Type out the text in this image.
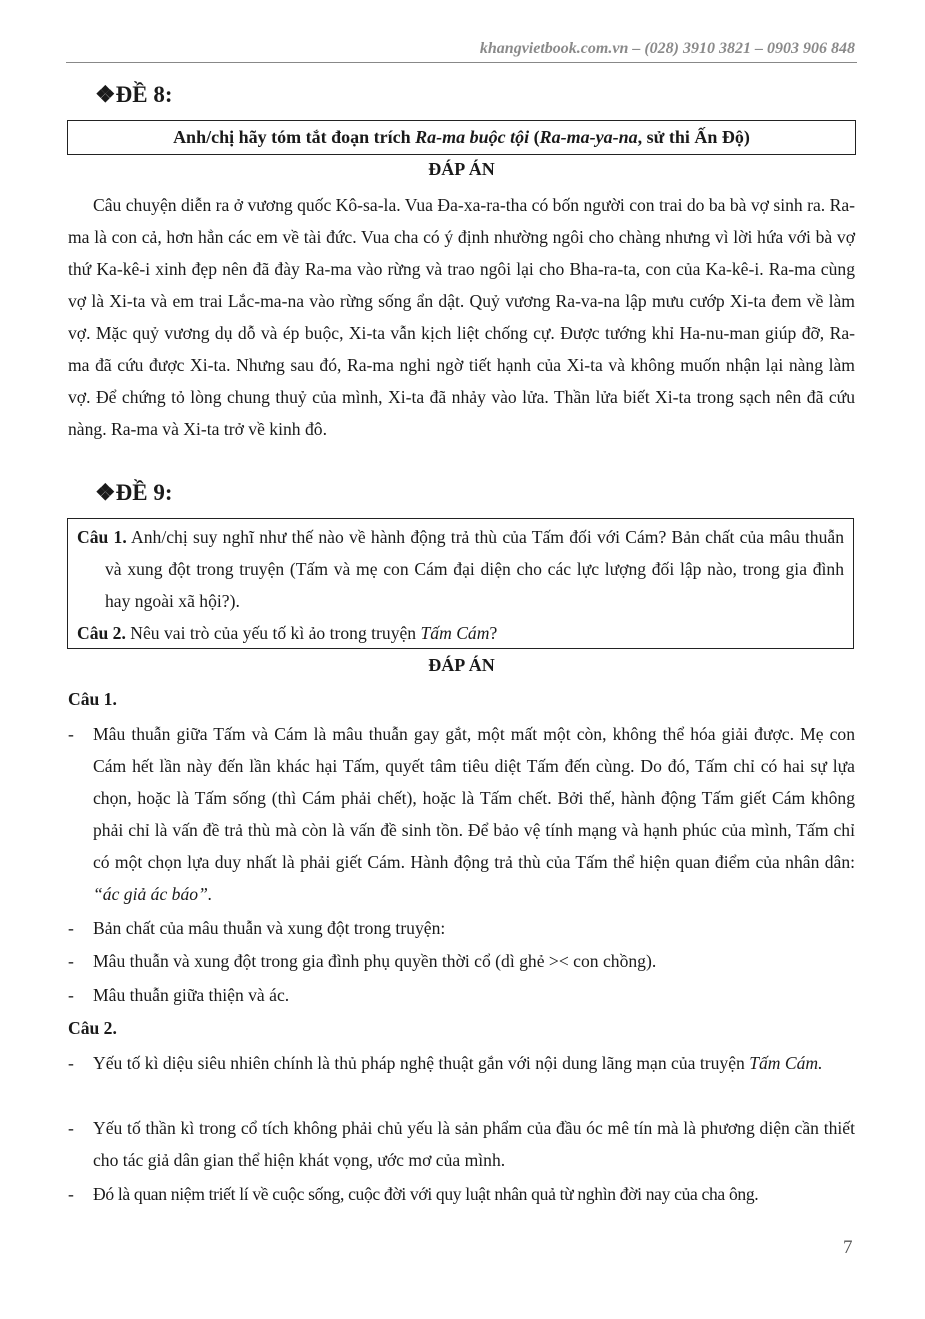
khangvietbook.com.vn – (028) 3910 3821 – 0903 906 848
❖ĐỀ 8:
Anh/chị hãy tóm tắt đoạn trích Ra-ma buộc tội (Ra-ma-ya-na, sử thi Ấn Độ)
ĐÁP ÁN
Câu chuyện diễn ra ở vương quốc Kô-sa-la. Vua Đa-xa-ra-tha có bốn người con trai do ba bà vợ sinh ra. Ra-ma là con cả, hơn hẳn các em về tài đức. Vua cha có ý định nhường ngôi cho chàng nhưng vì lời hứa với bà vợ thứ Ka-kê-i xinh đẹp nên đã đày Ra-ma vào rừng và trao ngôi lại cho Bha-ra-ta, con của Ka-kê-i. Ra-ma cùng vợ là Xi-ta và em trai Lắc-ma-na vào rừng sống ẩn dật. Quỷ vương Ra-va-na lập mưu cướp Xi-ta đem về làm vợ. Mặc quỷ vương dụ dỗ và ép buộc, Xi-ta vẫn kịch liệt chống cự. Được tướng khỉ Ha-nu-man giúp đỡ, Ra-ma đã cứu được Xi-ta. Nhưng sau đó, Ra-ma nghi ngờ tiết hạnh của Xi-ta và không muốn nhận lại nàng làm vợ. Để chứng tỏ lòng chung thuỷ của mình, Xi-ta đã nhảy vào lửa. Thần lửa biết Xi-ta trong sạch nên đã cứu nàng. Ra-ma và Xi-ta trở về kinh đô.
❖ĐỀ 9:
Câu 1. Anh/chị suy nghĩ như thế nào về hành động trả thù của Tấm đối với Cám? Bản chất của mâu thuẫn và xung đột trong truyện (Tấm và mẹ con Cám đại diện cho các lực lượng đối lập nào, trong gia đình hay ngoài xã hội?).
Câu 2. Nêu vai trò của yếu tố kì ảo trong truyện Tấm Cám?
ĐÁP ÁN
Câu 1.
- Mâu thuẫn giữa Tấm và Cám là mâu thuẫn gay gắt, một mất một còn, không thể hóa giải được. Mẹ con Cám hết lần này đến lần khác hại Tấm, quyết tâm tiêu diệt Tấm đến cùng. Do đó, Tấm chỉ có hai sự lựa chọn, hoặc là Tấm sống (thì Cám phải chết), hoặc là Tấm chết. Bởi thế, hành động Tấm giết Cám không phải chỉ là vấn đề trả thù mà còn là vấn đề sinh tồn. Để bảo vệ tính mạng và hạnh phúc của mình, Tấm chỉ có một chọn lựa duy nhất là phải giết Cám. Hành động trả thù của Tấm thể hiện quan điểm của nhân dân: “ác giả ác báo”.
- Bản chất của mâu thuẫn và xung đột trong truyện:
- Mâu thuẫn và xung đột trong gia đình phụ quyền thời cổ (dì ghẻ >< con chồng).
- Mâu thuẫn giữa thiện và ác.
Câu 2.
- Yếu tố kì diệu siêu nhiên chính là thủ pháp nghệ thuật gắn với nội dung lãng mạn của truyện Tấm Cám.
- Yếu tố thần kì trong cổ tích không phải chủ yếu là sản phẩm của đầu óc mê tín mà là phương diện cần thiết cho tác giả dân gian thể hiện khát vọng, ước mơ của mình.
- Đó là quan niệm triết lí về cuộc sống, cuộc đời với quy luật nhân quả từ nghìn đời nay của cha ông.
7
